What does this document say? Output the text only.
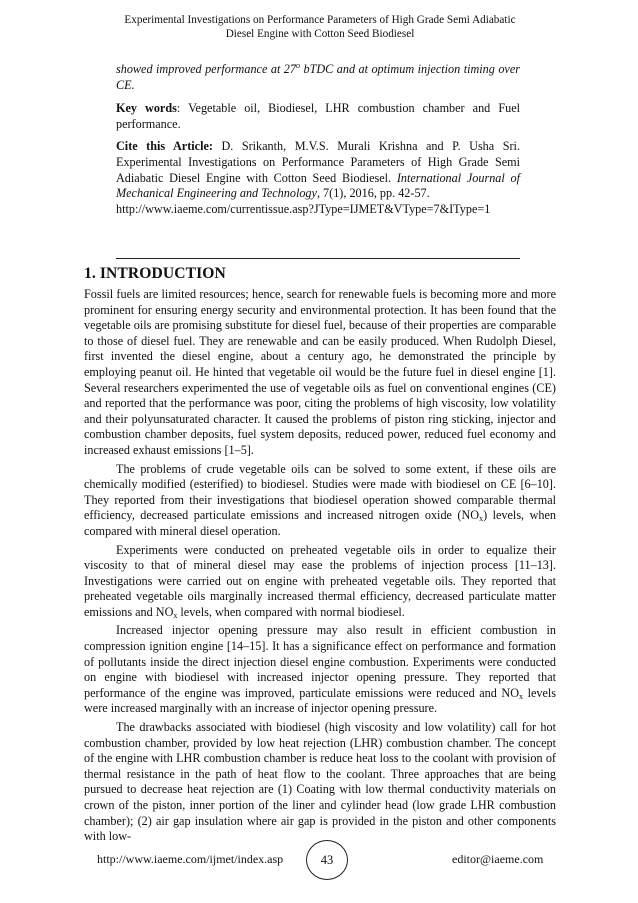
Experimental Investigations on Performance Parameters of High Grade Semi Adiabatic
Diesel Engine with Cotton Seed Biodiesel

showed improved performance at 27$^o$ bTDC and at optimum injection timing over CE.

Key words: Vegetable oil, Biodiesel, LHR combustion chamber and Fuel performance.

Cite this Article: D. Srikanth, M.V.S. Murali Krishna and P. Usha Sri. Experimental Investigations on Performance Parameters of High Grade Semi Adiabatic Diesel Engine with Cotton Seed Biodiesel. International Journal of Mechanical Engineering and Technology, 7(1), 2016, pp. 42-57.
http://www.iaeme.com/currentissue.asp?JType=IJMET&VType=7&IType=1

1. INTRODUCTION

Fossil fuels are limited resources; hence, search for renewable fuels is becoming more and more prominent for ensuring energy security and environmental protection. It has been found that the vegetable oils are promising substitute for diesel fuel, because of their properties are comparable to those of diesel fuel. They are renewable and can be easily produced. When Rudolph Diesel, first invented the diesel engine, about a century ago, he demonstrated the principle by employing peanut oil. He hinted that vegetable oil would be the future fuel in diesel engine [1]. Several researchers experimented the use of vegetable oils as fuel on conventional engines (CE) and reported that the performance was poor, citing the problems of high viscosity, low volatility and their polyunsaturated character. It caused the problems of piston ring sticking, injector and combustion chamber deposits, fuel system deposits, reduced power, reduced fuel economy and increased exhaust emissions [1–5].

The problems of crude vegetable oils can be solved to some extent, if these oils are chemically modified (esterified) to biodiesel. Studies were made with biodiesel on CE [6–10]. They reported from their investigations that biodiesel operation showed comparable thermal efficiency, decreased particulate emissions and increased nitrogen oxide $(NO_x)$ levels, when compared with mineral diesel operation.

Experiments were conducted on preheated vegetable oils in order to equalize their viscosity to that of mineral diesel may ease the problems of injection process [11–13]. Investigations were carried out on engine with preheated vegetable oils. They reported that preheated vegetable oils marginally increased thermal efficiency, decreased particulate matter emissions and $NO_x$ levels, when compared with normal biodiesel.

Increased injector opening pressure may also result in efficient combustion in compression ignition engine [14–15]. It has a significance effect on performance and formation of pollutants inside the direct injection diesel engine combustion. Experiments were conducted on engine with biodiesel with increased injector opening pressure. They reported that performance of the engine was improved, particulate emissions were reduced and $NO_x$ levels were increased marginally with an increase of injector opening pressure.

The drawbacks associated with biodiesel (high viscosity and low volatility) call for hot combustion chamber, provided by low heat rejection (LHR) combustion chamber. The concept of the engine with LHR combustion chamber is reduce heat loss to the coolant with provision of thermal resistance in the path of heat flow to the coolant. Three approaches that are being pursued to decrease heat rejection are (1) Coating with low thermal conductivity materials on crown of the piston, inner portion of the liner and cylinder head (low grade LHR combustion chamber); (2) air gap insulation where air gap is provided in the piston and other components with low-

http://www.iaeme.com/ijmet/index.asp	43	editor@iaeme.com
